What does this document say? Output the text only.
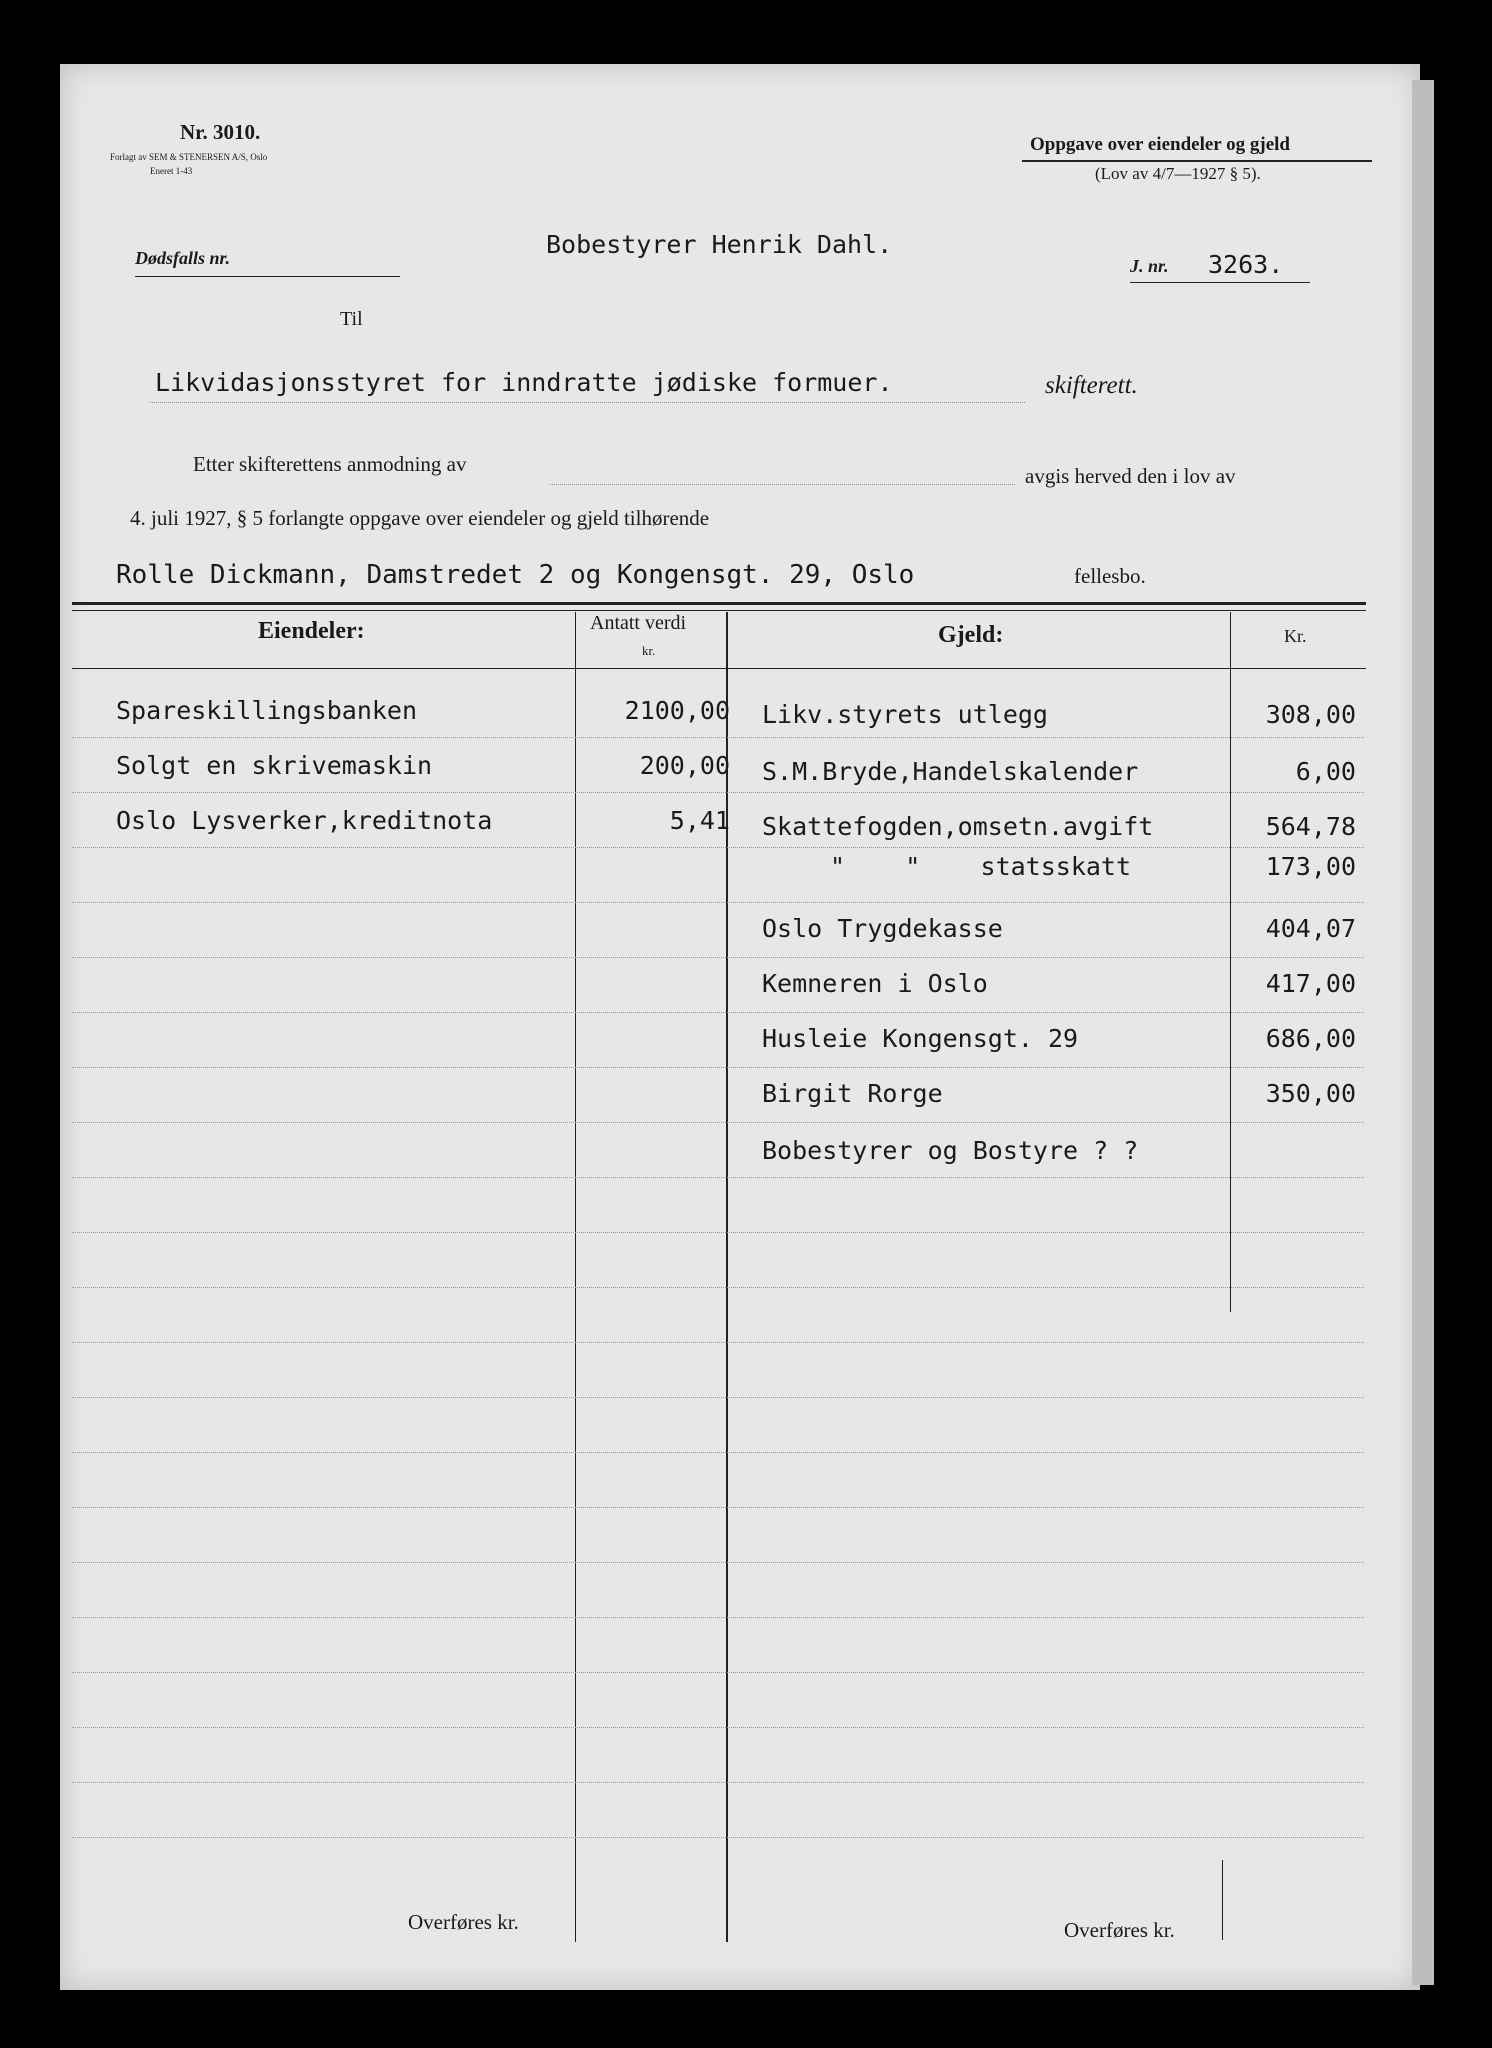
Nr. 3010.
Forlagt av SEM & STENERSEN A/S, Oslo
Eneret 1-43
Oppgave over eiendeler og gjeld
(Lov av 4/7—1927 § 5).
Dødsfalls nr.	Bobestyrer Henrik Dahl.
J. nr. 3263.
Til
Likvidasjonsstyret for inndratte jødiske formuer.	skifterett.
Etter skifterettens anmodning av	avgis herved den i lov av
4. juli 1927, § 5 forlangte oppgave over eiendeler og gjeld tilhørende
Rolle Dickmann, Damstredet 2 og Kongensgt. 29, Oslo	fellesbo.
Eiendeler:	Antatt verdi
kr.
Gjeld:	Kr.
Spareskillingsbanken	2100,00
Solgt en skrivemaskin	200,00
Oslo Lysverker,kreditnota	5,41
Likv.styrets utlegg	308,00
S.M.Bryde,Handelskalender	6,00
Skattefogden,omsetn.avgift	564,78
"    "    statsskatt	173,00
Oslo Trygdekasse	404,07
Kemneren i Oslo	417,00
Husleie Kongensgt. 29	686,00
Birgit Rorge	350,00
Bobestyrer og Bostyre ? ?
Overføres kr.	Overføres kr.
